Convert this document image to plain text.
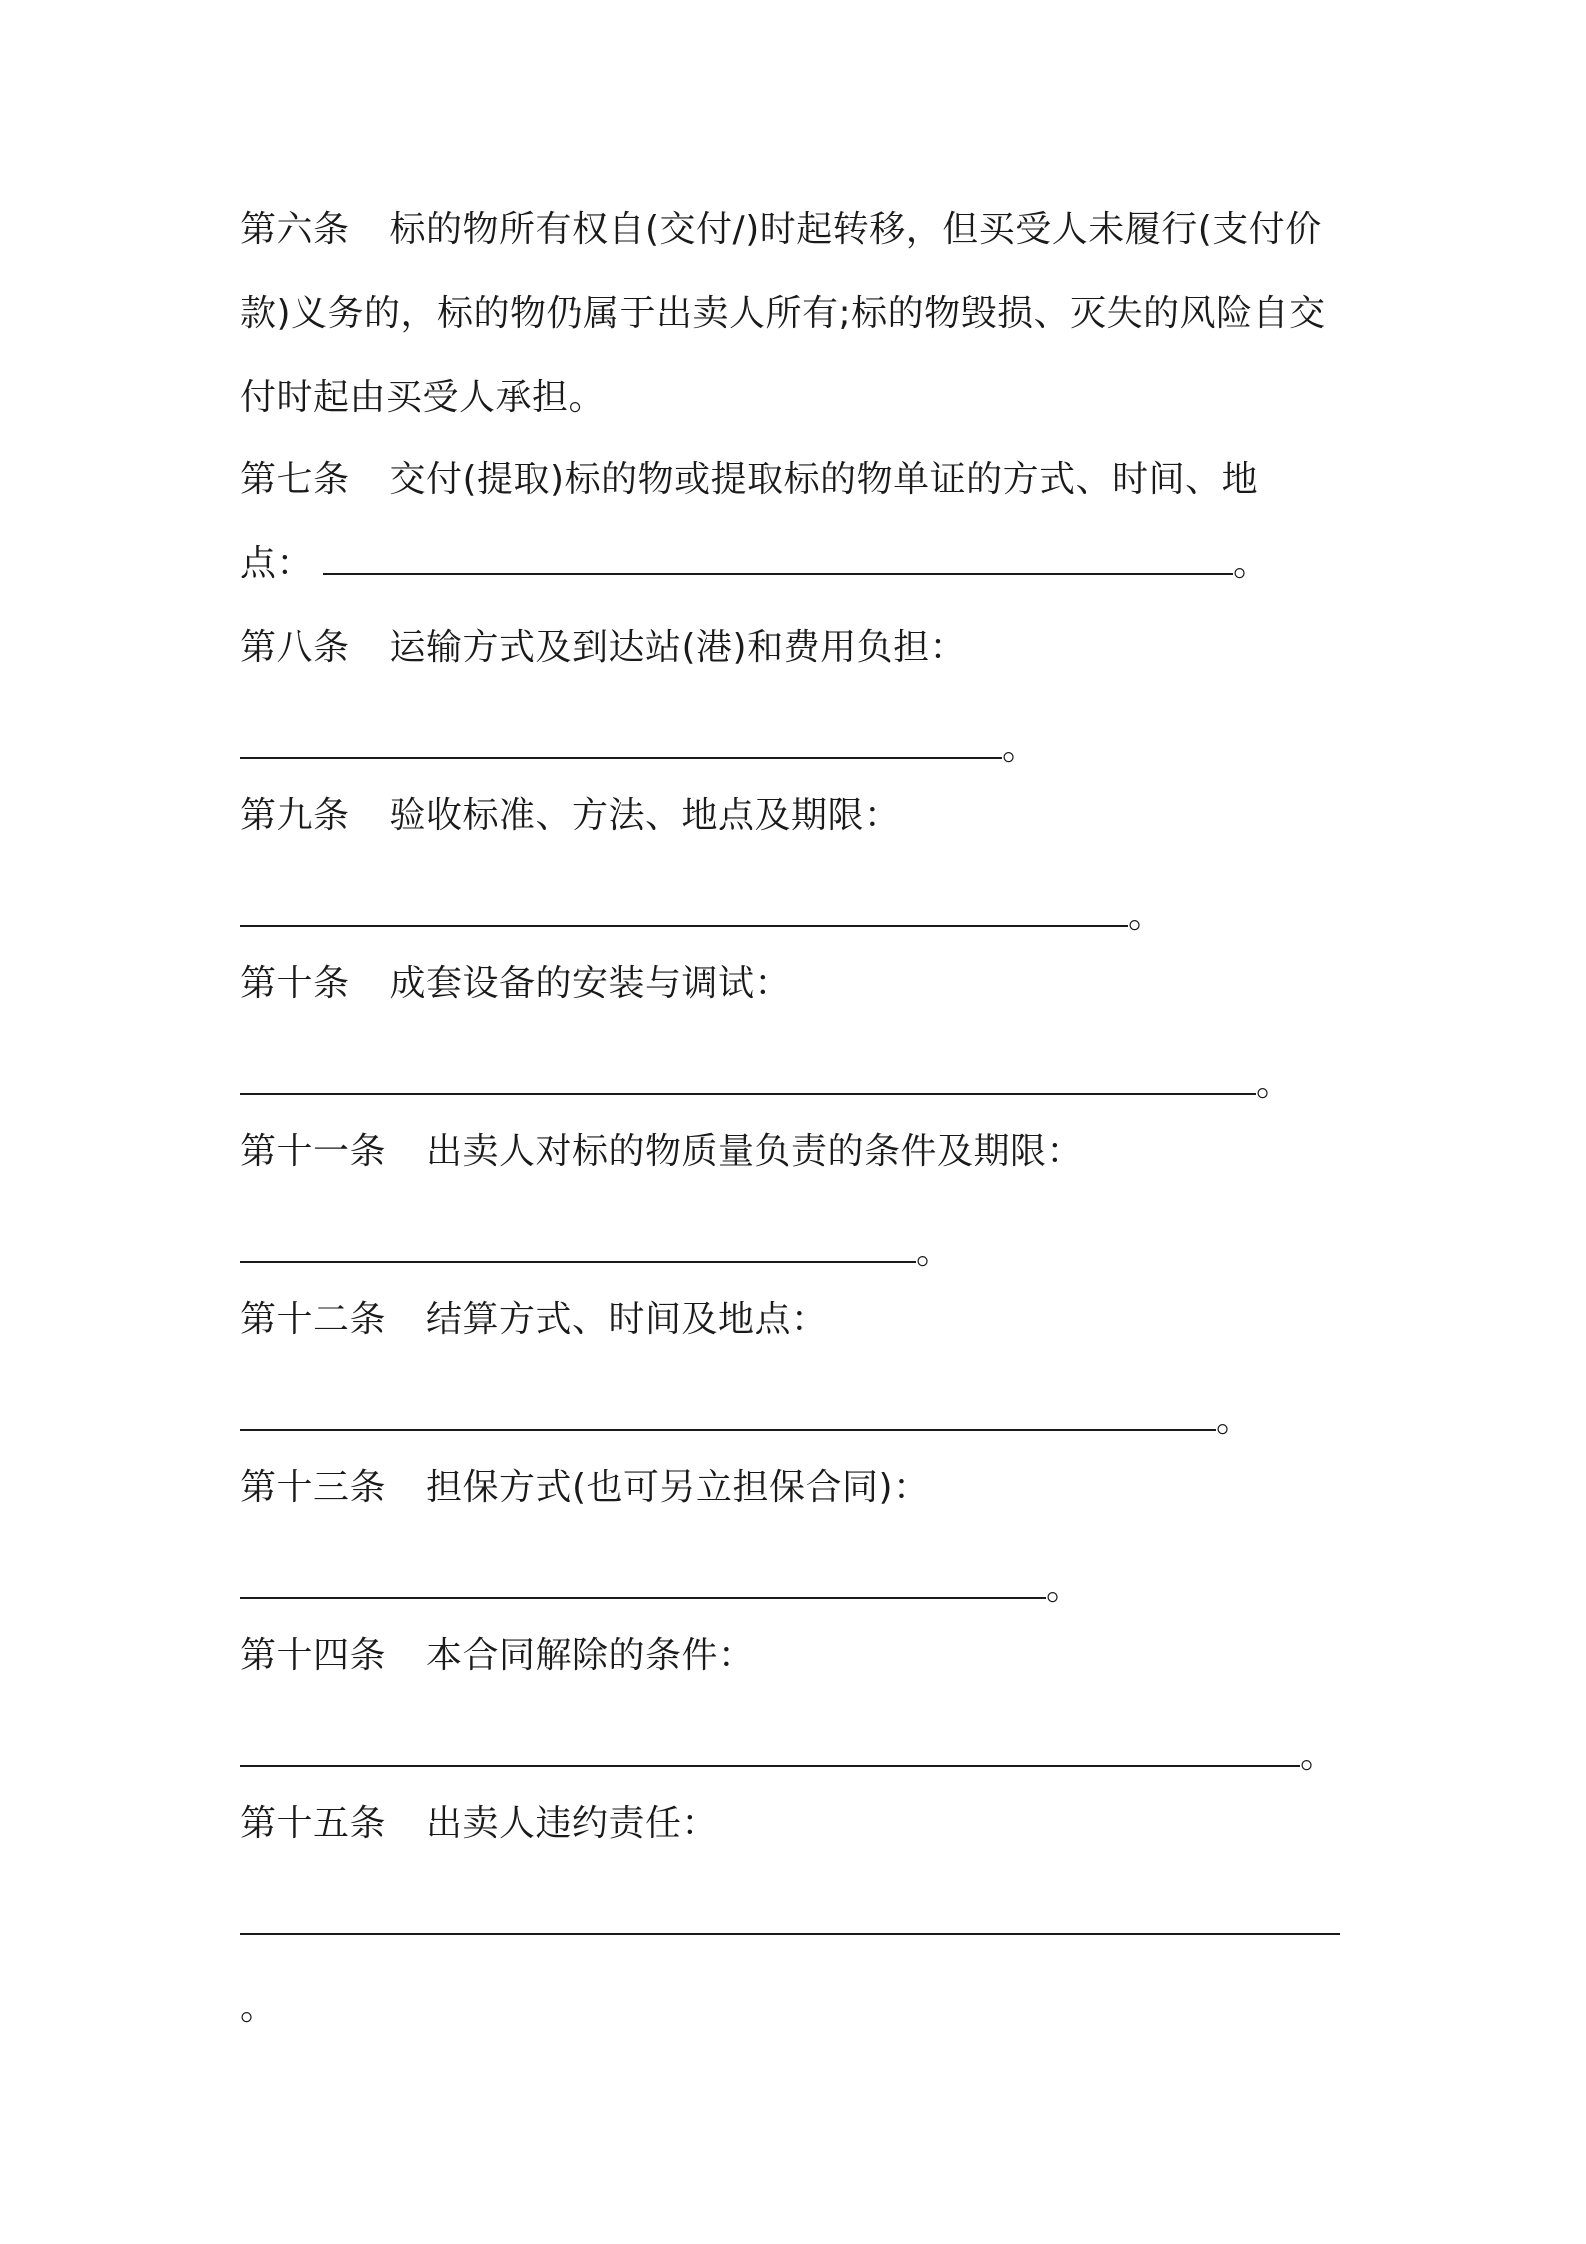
第六条 标的物所有权自(交付/)时起转移，但买受人未履行(支付价款)义务的，标的物仍属于出卖人所有;标的物毁损、灭失的风险自交付时起由买受人承担。

第七条 交付(提取)标的物或提取标的物单证的方式、时间、地

点：	。

第八条 运输方式及到达站(港)和费用负担：

。

第九条 验收标准、方法、地点及期限：

。

第十条 成套设备的安装与调试：

。

第十一条 出卖人对标的物质量负责的条件及期限：

。

第十二条 结算方式、时间及地点：

。

第十三条 担保方式(也可另立担保合同)：

。

第十四条 本合同解除的条件：

。

第十五条 出卖人违约责任：

。
